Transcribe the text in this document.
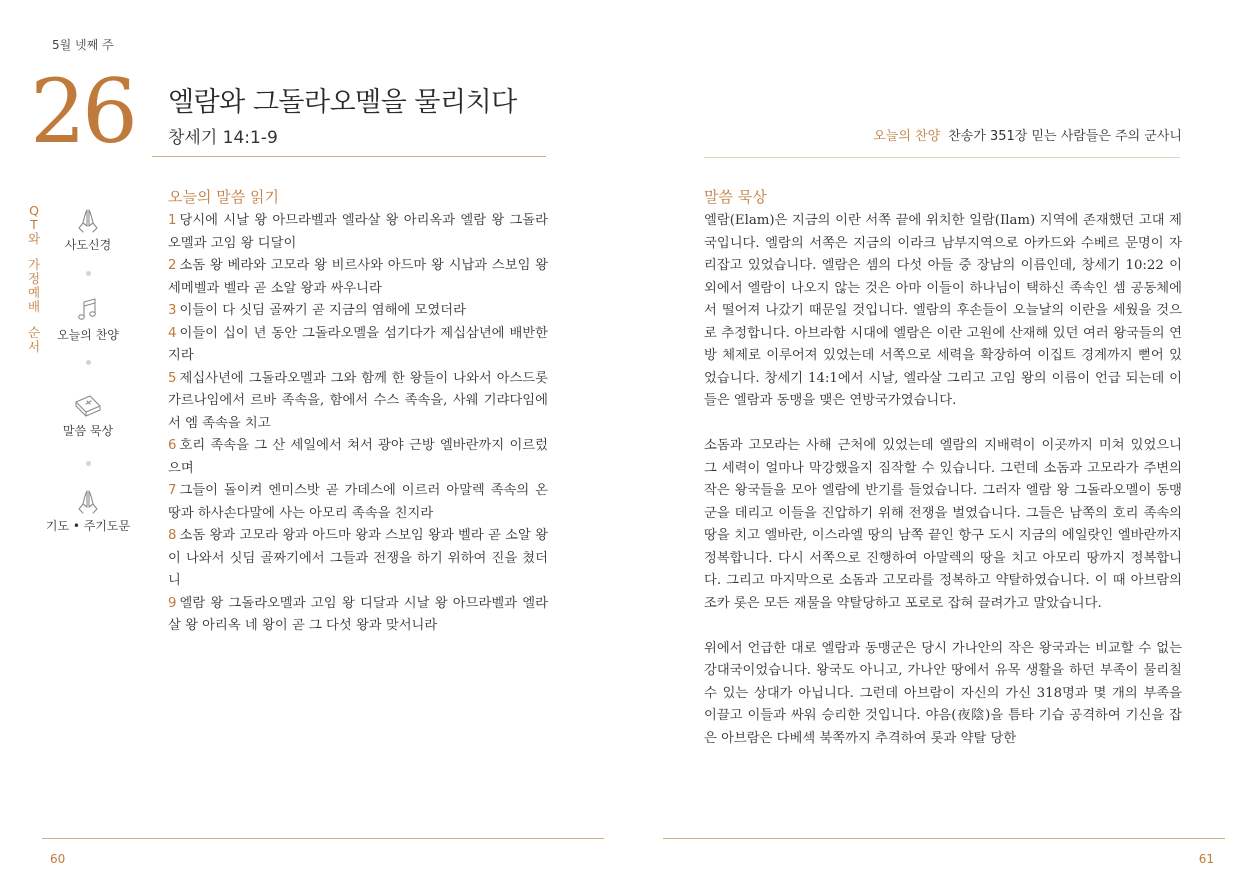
5월 넷째 주
26 엘람와 그돌라오멜을 물리치다
창세기 14:1-9	오늘의 찬양 찬송가 351장 믿는 사람들은 주의 군사니
Q
T
와
가
정
예
배
순
서
사도신경
오늘의 찬양
말씀 묵상
기도 • 주기도문
오늘의 말씀 읽기

1 당시에 시날 왕 아므라벨과 엘라살 왕 아리옥과 엘람 왕 그돌라오멜과 고임 왕 디달이

2 소돔 왕 베라와 고모라 왕 비르사와 아드마 왕 시납과 스보임 왕 세메벨과 벨라 곧 소알 왕과 싸우니라

3 이들이 다 싯딤 골짜기 곧 지금의 염해에 모였더라

4 이들이 십이 년 동안 그돌라오멜을 섬기다가 제십삼년에 배반한지라

5 제십사년에 그돌라오멜과 그와 함께 한 왕들이 나와서 아스드롯 가르나임에서 르바 족속을, 함에서 수스 족속을, 사웨 기랴다임에서 엠 족속을 치고

6 호리 족속을 그 산 세일에서 쳐서 광야 근방 엘바란까지 이르렀으며

7 그들이 돌이켜 엔미스밧 곧 가데스에 이르러 아말렉 족속의 온 땅과 하사손다말에 사는 아모리 족속을 친지라

8 소돔 왕과 고모라 왕과 아드마 왕과 스보임 왕과 벨라 곧 소알 왕이 나와서 싯딤 골짜기에서 그들과 전쟁을 하기 위하여 진을 쳤더니

9 엘람 왕 그돌라오멜과 고임 왕 디달과 시날 왕 아므라벨과 엘라살 왕 아리옥 네 왕이 곧 그 다섯 왕과 맞서니라

말씀 묵상

엘람(Elam)은 지금의 이란 서쪽 끝에 위치한 일람(Ilam) 지역에 존재했던 고대 제국입니다. 엘람의 서쪽은 지금의 이라크 남부지역으로 아카드와 수베르 문명이 자리잡고 있었습니다. 엘람은 셈의 다섯 아들 중 장남의 이름인데, 창세기 10:22 이외에서 엘람이 나오지 않는 것은 아마 이들이 하나님이 택하신 족속인 셈 공동체에서 떨어져 나갔기 때문일 것입니다. 엘람의 후손들이 오늘날의 이란을 세웠을 것으로 추정합니다. 아브라함 시대에 엘람은 이란 고원에 산재해 있던 여러 왕국들의 연방 체제로 이루어져 있었는데 서쪽으로 세력을 확장하여 이집트 경계까지 뻗어 있었습니다. 창세기 14:1에서 시날, 엘라살 그리고 고임 왕의 이름이 언급 되는데 이들은 엘람과 동맹을 맺은 연방국가였습니다.

소돔과 고모라는 사해 근처에 있었는데 엘람의 지배력이 이곳까지 미쳐 있었으니 그 세력이 얼마나 막강했을지 짐작할 수 있습니다. 그런데 소돔과 고모라가 주변의 작은 왕국들을 모아 엘람에 반기를 들었습니다. 그러자 엘람 왕 그돌라오멜이 동맹군을 데리고 이들을 진압하기 위해 전쟁을 벌였습니다. 그들은 남쪽의 호리 족속의 땅을 치고 엘바란, 이스라엘 땅의 남쪽 끝인 항구 도시 지금의 에일랏인 엘바란까지 정복합니다. 다시 서쪽으로 진행하여 아말렉의 땅을 치고 아모리 땅까지 정복합니다. 그리고 마지막으로 소돔과 고모라를 정복하고 약탈하였습니다. 이 때 아브람의 조카 롯은 모든 재물을 약탈당하고 포로로 잡혀 끌려가고 말았습니다.

위에서 언급한 대로 엘람과 동맹군은 당시 가나안의 작은 왕국과는 비교할 수 없는 강대국이었습니다. 왕국도 아니고, 가나안 땅에서 유목 생활을 하던 부족이 물리칠 수 있는 상대가 아닙니다. 그런데 아브람이 자신의 가신 318명과 몇 개의 부족을 이끌고 이들과 싸워 승리한 것입니다. 야음(夜陰)을 틈타 기습 공격하여 기신을 잡은 아브람은 다베섹 북쪽까지 추격하여 롯과 약탈 당한

60	61
